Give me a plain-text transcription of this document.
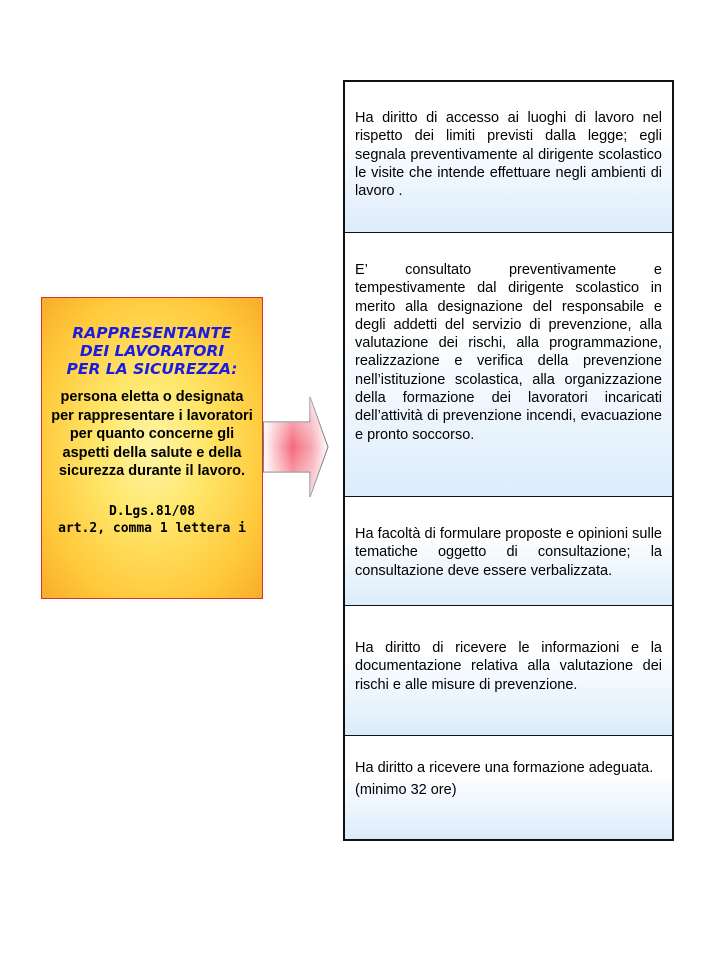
RAPPRESENTANTE
DEI LAVORATORI
PER LA SICUREZZA:

persona eletta o designata per rappresentare i lavoratori per quanto concerne gli aspetti della salute e della sicurezza durante il lavoro.

D.Lgs.81/08
art.2, comma 1 lettera i

Ha diritto di accesso ai luoghi di lavoro nel rispetto dei limiti previsti dalla legge; egli segnala preventivamente al dirigente scolastico le visite che intende effettuare negli ambienti di lavoro .

E’ consultato preventivamente e tempestivamente dal dirigente scolastico in merito alla designazione del responsabile e degli addetti del servizio di prevenzione, alla valutazione dei rischi, alla programmazione, realizzazione e verifica della prevenzione nell’istituzione scolastica, alla organizzazione della formazione dei lavoratori incaricati dell’attività di prevenzione incendi, evacuazione e pronto soccorso.

Ha facoltà di formulare proposte e opinioni sulle tematiche oggetto di consultazione; la consultazione deve essere verbalizzata.

Ha diritto di ricevere le informazioni e la documentazione relativa alla valutazione dei rischi e alle misure di prevenzione.

Ha diritto a ricevere una formazione adeguata.

(minimo 32 ore)
